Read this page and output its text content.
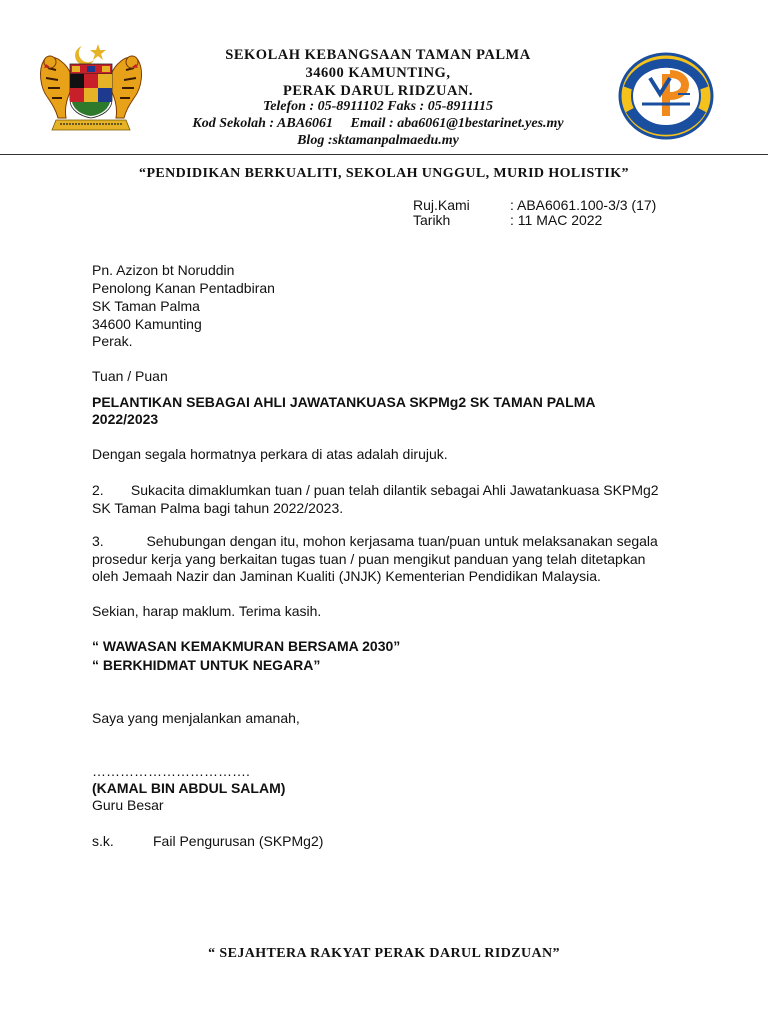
SEKOLAH KEBANGSAAN TAMAN PALMA
34600 KAMUNTING,
PERAK DARUL RIDZUAN.
Telefon : 05-8911102 Faks : 05-8911115
Kod Sekolah : ABA6061     Email : aba6061@1bestarinet.yes.my
Blog :sktamanpalmaedu.my
“PENDIDIKAN BERKUALITI, SEKOLAH UNGGUL, MURID HOLISTIK”
Ruj.Kami	: ABA6061.100-3/3 (17)
Tarikh	: 11 MAC 2022
Pn. Azizon bt Noruddin
Penolong Kanan Pentadbiran
SK Taman Palma
34600 Kamunting
Perak.
Tuan / Puan
PELANTIKAN SEBAGAI AHLI JAWATANKUASA SKPMg2 SK TAMAN PALMA
2022/2023
Dengan segala hormatnya perkara di atas adalah dirujuk.
2.       Sukacita dimaklumkan tuan / puan telah dilantik sebagai Ahli Jawatankuasa SKPMg2
SK Taman Palma bagi tahun 2022/2023.
3.           Sehubungan dengan itu, mohon kerjasama tuan/puan untuk melaksanakan segala
prosedur kerja yang berkaitan tugas tuan / puan mengikut panduan yang telah ditetapkan
oleh Jemaah Nazir dan Jaminan Kualiti (JNJK) Kementerian Pendidikan Malaysia.
Sekian, harap maklum. Terima kasih.
“ WAWASAN KEMAKMURAN BERSAMA 2030”
“ BERKHIDMAT UNTUK NEGARA”
Saya yang menjalankan amanah,
…………………………….
(KAMAL BIN ABDUL SALAM)
Guru Besar
s.k.	Fail Pengurusan (SKPMg2)
“ SEJAHTERA RAKYAT PERAK DARUL RIDZUAN”
